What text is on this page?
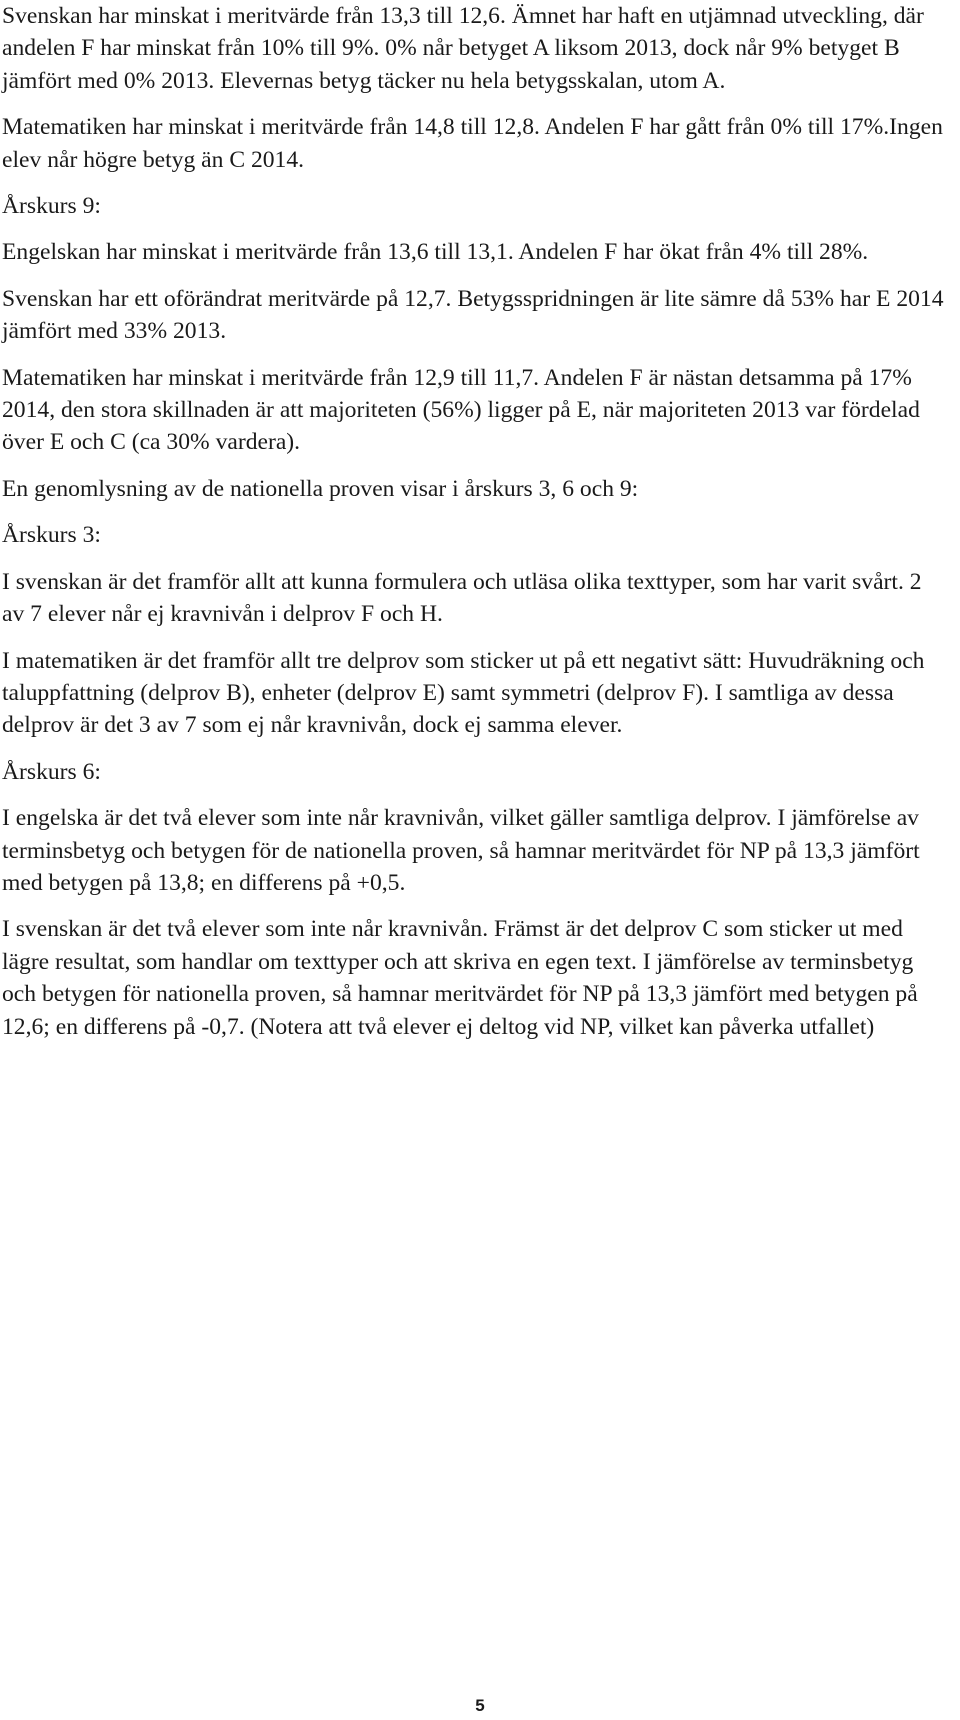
Svenskan har minskat i meritvärde från 13,3 till 12,6. Ämnet har haft en utjämnad utveckling, där andelen F har minskat från 10% till 9%. 0% når betyget A liksom 2013, dock når 9% betyget B jämfört med 0% 2013. Elevernas betyg täcker nu hela betygsskalan, utom A.

Matematiken har minskat i meritvärde från 14,8 till 12,8. Andelen F har gått från 0% till 17%.Ingen elev når högre betyg än C 2014.

Årskurs 9:

Engelskan har minskat i meritvärde från 13,6 till 13,1. Andelen F har ökat från 4% till 28%.

Svenskan har ett oförändrat meritvärde på 12,7. Betygsspridningen är lite sämre då 53% har E 2014 jämfört med 33% 2013.

Matematiken har minskat i meritvärde från 12,9 till 11,7. Andelen F är nästan detsamma på 17% 2014, den stora skillnaden är att majoriteten (56%) ligger på E, när majoriteten 2013 var fördelad över E och C (ca 30% vardera).

En genomlysning av de nationella proven visar i årskurs 3, 6 och 9:

Årskurs 3:

I svenskan är det framför allt att kunna formulera och utläsa olika texttyper, som har varit svårt. 2 av 7 elever når ej kravnivån i delprov F och H.

I matematiken är det framför allt tre delprov som sticker ut på ett negativt sätt: Huvudräkning och taluppfattning (delprov B), enheter (delprov E) samt symmetri (delprov F). I samtliga av dessa delprov är det 3 av 7 som ej når kravnivån, dock ej samma elever.

Årskurs 6:

I engelska är det två elever som inte når kravnivån, vilket gäller samtliga delprov. I jämförelse av terminsbetyg och betygen för de nationella proven, så hamnar meritvärdet för NP på 13,3 jämfört med betygen på 13,8; en differens på +0,5.

I svenskan är det två elever som inte når kravnivån. Främst är det delprov C som sticker ut med lägre resultat, som handlar om texttyper och att skriva en egen text. I jämförelse av terminsbetyg och betygen för nationella proven, så hamnar meritvärdet för NP på 13,3 jämfört med betygen på 12,6; en differens på -0,7. (Notera att två elever ej deltog vid NP, vilket kan påverka utfallet)

5
